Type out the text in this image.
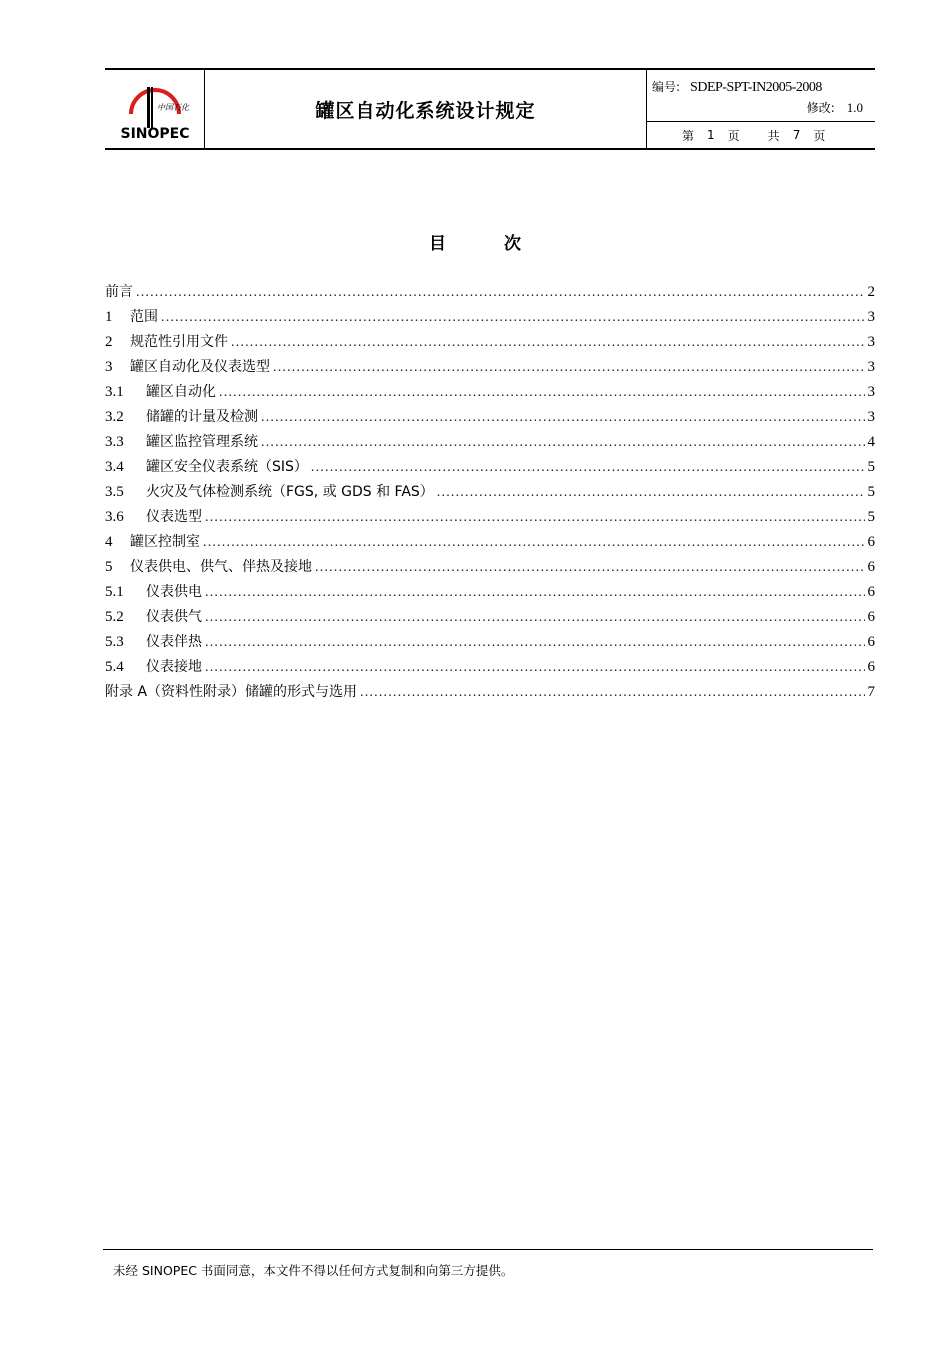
中国石化
SINOPEC
罐区自动化系统设计规定
编号: SDEP-SPT-IN2005-2008
修改: 1.0
第 1 页 共 7 页
目	次
前言 .....	2
1 范围 .....	3
2 规范性引用文件 .....	3
3 罐区自动化及仪表选型 .....	3
3.1 罐区自动化 .....	3
3.2 储罐的计量及检测 .....	3
3.3 罐区监控管理系统 .....	4
3.4 罐区安全仪表系统（SIS） .....	5
3.5 火灾及气体检测系统（FGS, 或 GDS 和 FAS） .....	5
3.6 仪表选型 .....	5
4 罐区控制室 .....	6
5 仪表供电、供气、伴热及接地 .....	6
5.1 仪表供电 .....	6
5.2 仪表供气 .....	6
5.3 仪表伴热 .....	6
5.4 仪表接地 .....	6
附录 A（资料性附录）储罐的形式与选用 .....	7
未经 SINOPEC 书面同意，本文件不得以任何方式复制和向第三方提供。
